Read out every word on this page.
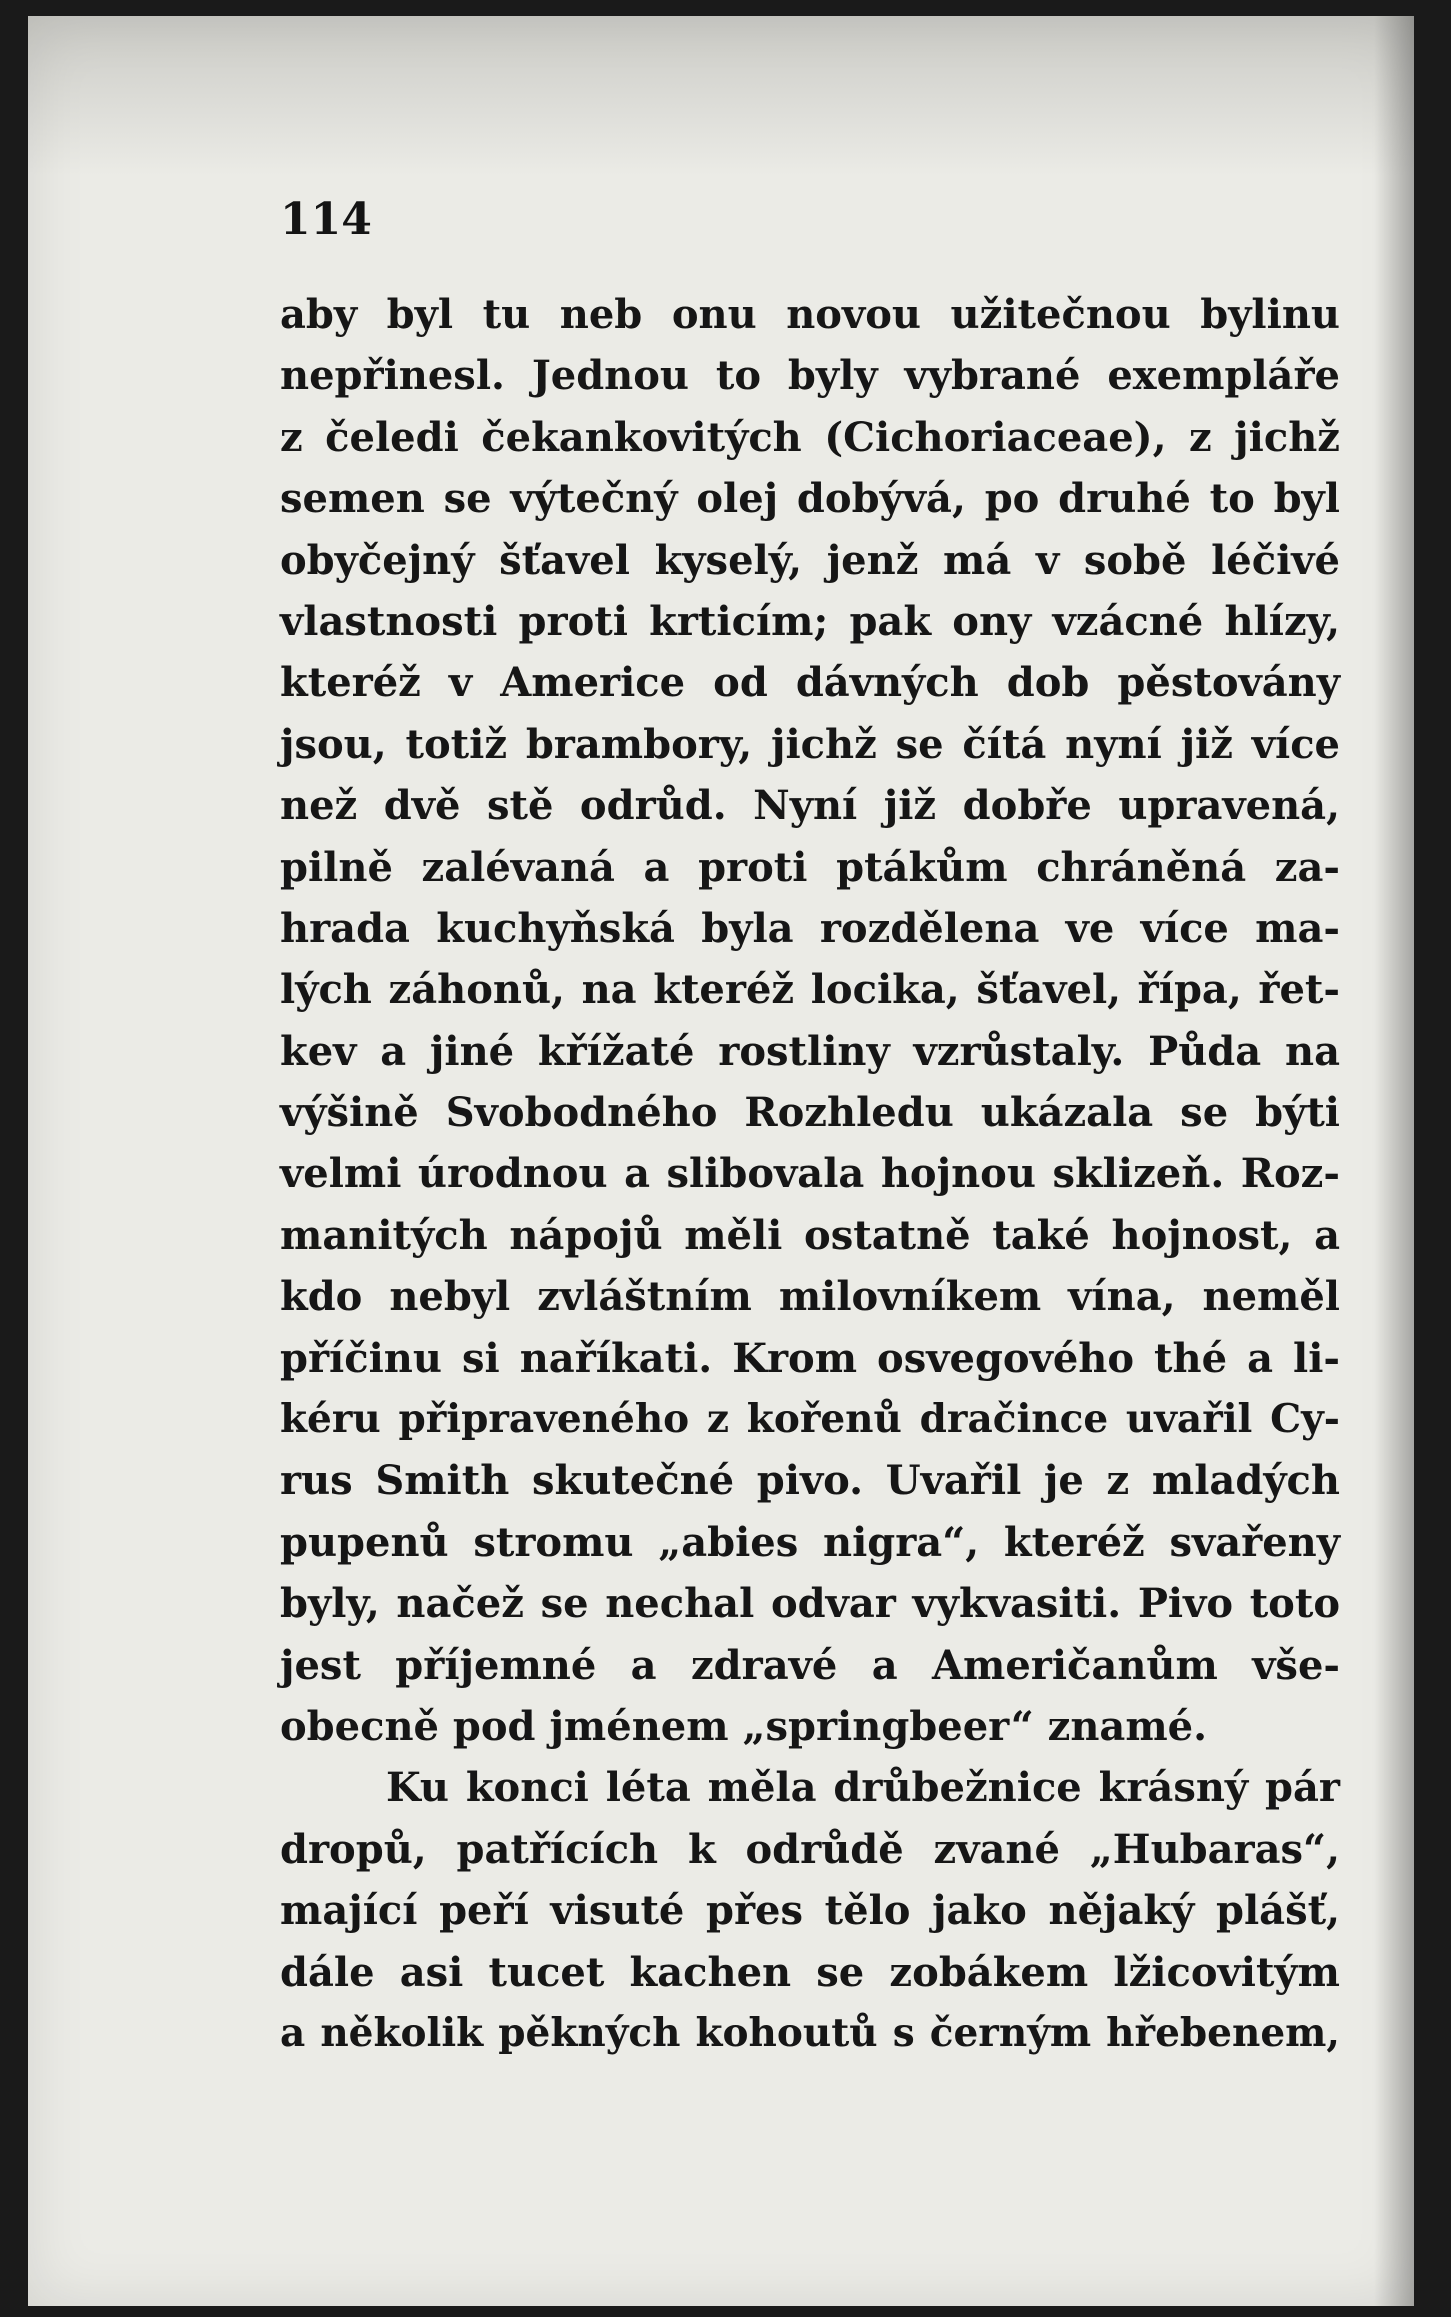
114
aby byl tu neb onu novou užitečnou bylinu
nepřinesl. Jednou to byly vybrané exempláře
z čeledi čekankovitých (Cichoriaceae), z jichž
semen se výtečný olej dobývá, po druhé to byl
obyčejný šťavel kyselý, jenž má v sobě léčivé
vlastnosti proti krticím; pak ony vzácné hlízy,
kteréž v Americe od dávných dob pěstovány
jsou, totiž brambory, jichž se čítá nyní již více
než dvě stě odrůd. Nyní již dobře upravená,
pilně zalévaná a proti ptákům chráněná za-
hrada kuchyňská byla rozdělena ve více ma-
lých záhonů, na kteréž locika, šťavel, řípa, řet-
kev a jiné křížaté rostliny vzrůstaly. Půda na
výšině Svobodného Rozhledu ukázala se býti
velmi úrodnou a slibovala hojnou sklizeň. Roz-
manitých nápojů měli ostatně také hojnost, a
kdo nebyl zvláštním milovníkem vína, neměl
příčinu si naříkati. Krom osvegového thé a li-
kéru připraveného z kořenů dračince uvařil Cy-
rus Smith skutečné pivo. Uvařil je z mladých
pupenů stromu „abies nigra“, kteréž svařeny
byly, načež se nechal odvar vykvasiti. Pivo toto
jest příjemné a zdravé a Američanům vše-
obecně pod jménem „springbeer“ znamé.
Ku konci léta měla drůbežnice krásný pár
dropů, patřících k odrůdě zvané „Hubaras“,
mající peří visuté přes tělo jako nějaký plášť,
dále asi tucet kachen se zobákem lžicovitým
a několik pěkných kohoutů s černým hřebenem,
